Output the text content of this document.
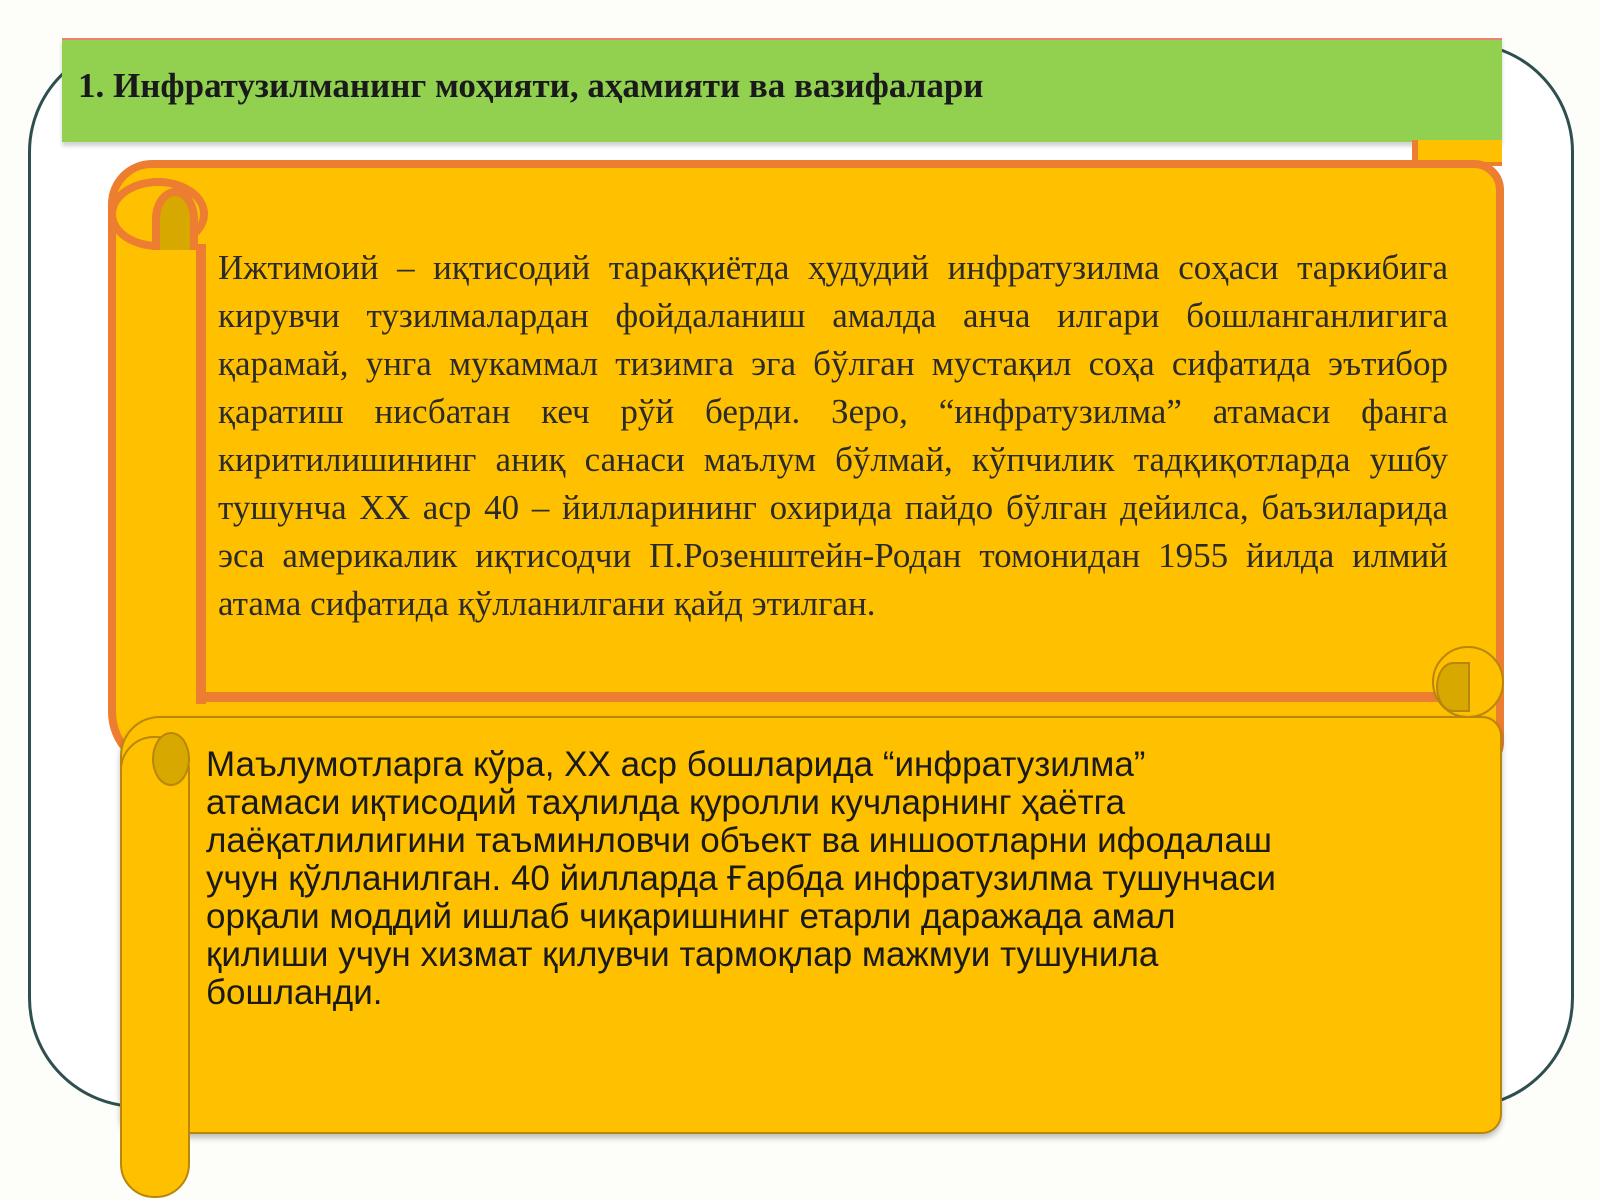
1. Инфратузилманинг моҳияти, аҳамияти ва вазифалари

Ижтимоий – иқтисодий тараққиётда ҳудудий инфратузилма соҳаси таркибига кирувчи тузилмалардан фойдаланиш амалда анча илгари бошланганлигига қарамай, унга мукаммал тизимга эга бўлган мустақил соҳа сифатида эътибор қаратиш нисбатан кеч рўй берди. Зеро, “инфратузилма” атамаси фанга киритилишининг аниқ санаси маълум бўлмай, кўпчилик тадқиқотларда ушбу тушунча XX аср 40 – йилларининг охирида пайдо бўлган дейилса, баъзиларида эса америкалик иқтисодчи П.Розенштейн-Родан томонидан 1955 йилда илмий атама сифатида қўлланилгани қайд этилган.

Маълумотларга кўра, XX аср бошларида “инфратузилма”
атамаси иқтисодий таҳлилда қуролли кучларнинг ҳаётга
лаёқатлилигини таъминловчи объект ва иншоотларни ифодалаш
учун қўлланилган. 40 йилларда Ғарбда инфратузилма тушунчаси
орқали моддий ишлаб чиқаришнинг етарли даражада амал
қилиши учун хизмат қилувчи тармоқлар мажмуи тушунила
бошланди.
